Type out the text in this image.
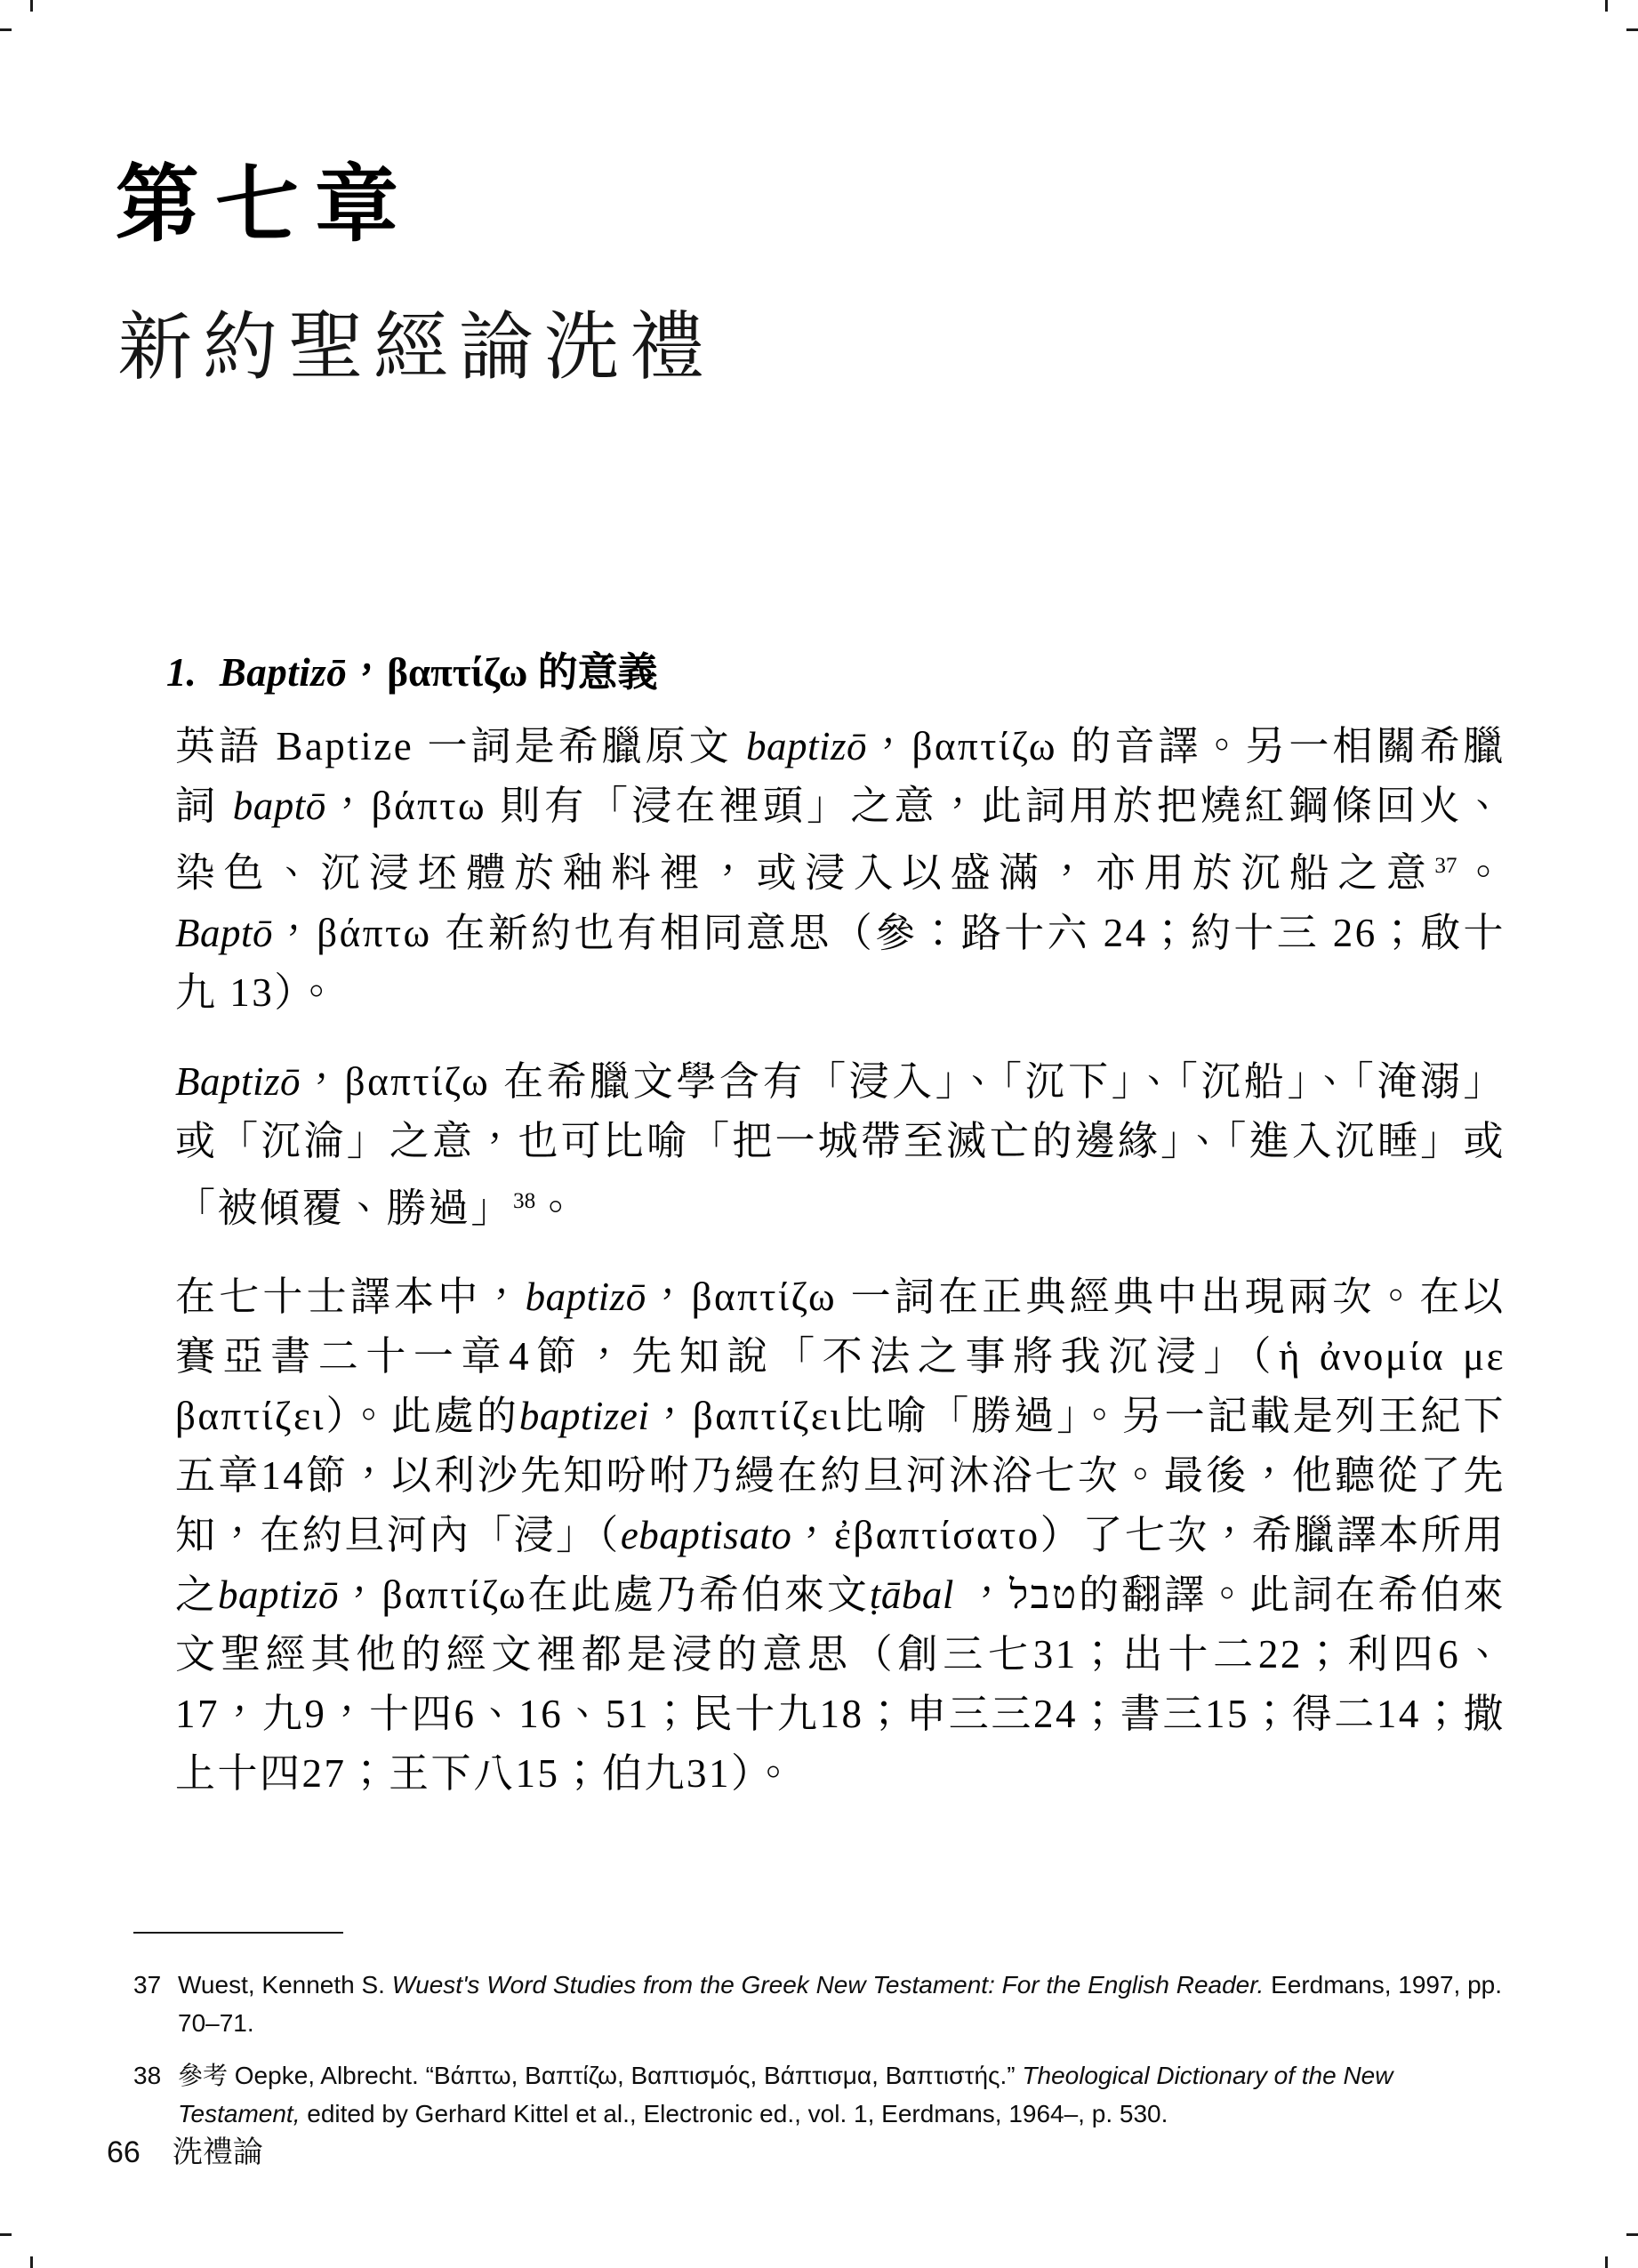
第七章
新約聖經論洗禮
1. Baptizō，βαπτίζω 的意義

英語 Baptize 一詞是希臘原文 baptizō，βαπτίζω 的音譯。另一相關希臘詞 baptō，βάπτω 則有「浸在裡頭」之意，此詞用於把燒紅鋼條回火、染色、沉浸坯體於釉料裡，或浸入以盛滿，亦用於沉船之意$^{37}$。　Baptō，βάπτω 在新約也有相同意思（參：路十六 24；約十三 26；啟十九 13）。

Baptizō，βαπτίζω 在希臘文學含有「浸入」、「沉下」、「沉船」、「淹溺」或「沉淪」之意，也可比喻「把一城帶至滅亡的邊緣」、「進入沉睡」或「被傾覆、勝過」$^{38}$。

在七十士譯本中，baptizō，βαπτίζω 一詞在正典經典中出現兩次。在以賽亞書二十一章4節，先知說「不法之事將我沉浸」（ἡ ἀνομία με βαπτίζει）。此處的baptizei，βαπτίζει比喻「勝過」。另一記載是列王紀下五章14節，以利沙先知吩咐乃縵在約旦河沐浴七次。最後，他聽從了先知，在約旦河內「浸」（ebaptisato，ἐβαπτίσατο）了七次，希臘譯本所用之baptizō，βαπτίζω在此處乃希伯來文ṭābal ，טבל的翻譯。此詞在希伯來文聖經其他的經文裡都是浸的意思（創三七31；出十二22；利四6、17，九9，十四6、16、51；民十九18；申三三24；書三15；得二14；撒上十四27；王下八15；伯九31）。

37 Wuest, Kenneth S. Wuest's Word Studies from the Greek New Testament: For the English Reader. Eerdmans, 1997, pp. 70–71.
38 參考 Oepke, Albrecht. “Βάπτω, Βαπτίζω, Βαπτισμός, Βάπτισμα, Βαπτιστής.” Theological Dictionary of the New Testament, edited by Gerhard Kittel et al., Electronic ed., vol. 1, Eerdmans, 1964–, p. 530.
66 洗禮論
